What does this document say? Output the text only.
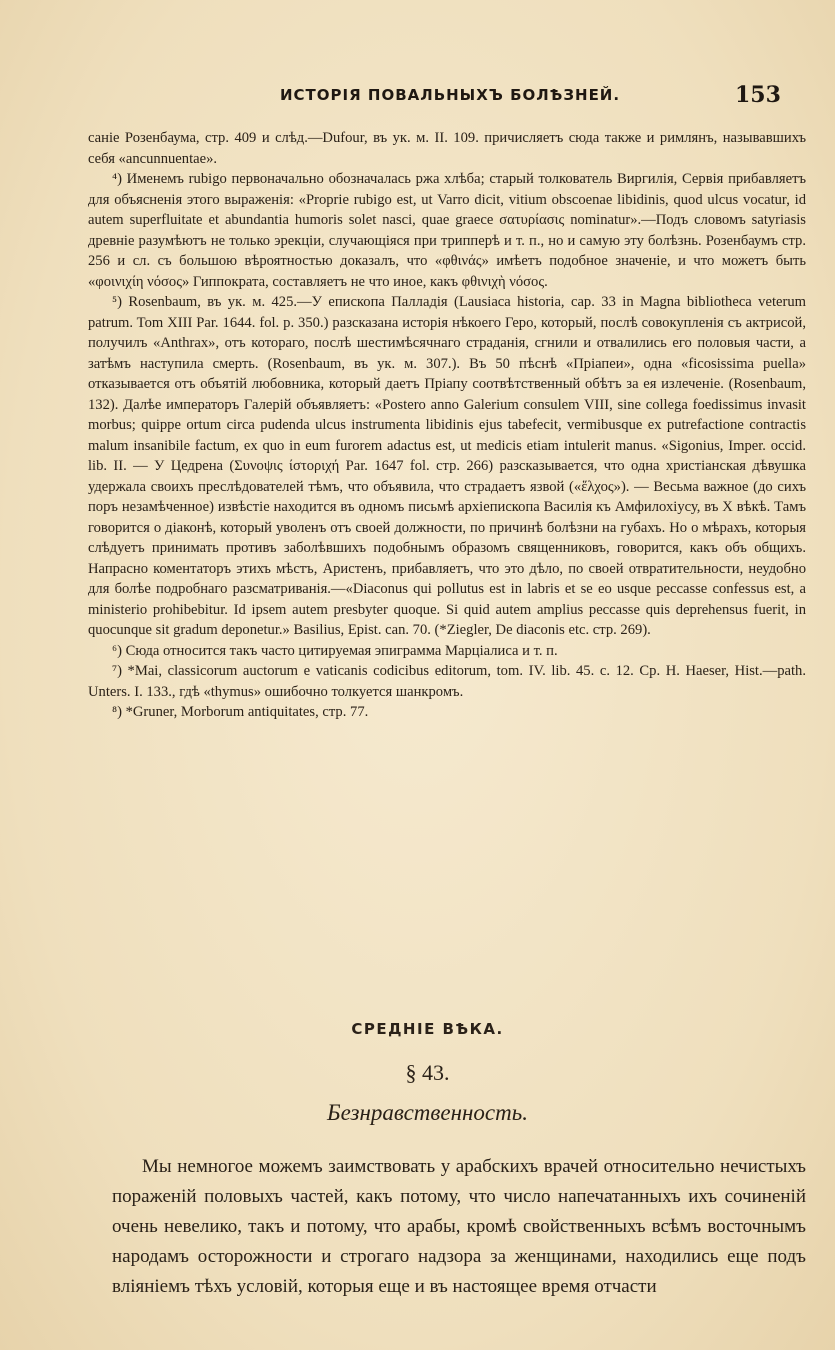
ИСТОРІЯ ПОВАЛЬНЫХЪ БОЛѢЗНЕЙ.	153

саніе Розенбаума, стр. 409 и слѣд.—Dufour, въ ук. м. II. 109. причисляетъ сюда также и римлянъ, называвшихъ себя «ancunnuentae».

⁴) Именемъ rubigo первоначально обозначалась ржа хлѣба; старый толкователь Виргилія, Сервія прибавляетъ для объясненія этого выраженія: «Proprie rubigo est, ut Varro dicit, vitium obscoenae libidinis, quod ulcus vocatur, id autem superfluitate et abundantia humoris solet nasci, quae graece σατυρίασις nominatur».—Подъ словомъ satyriasis древніе разумѣютъ не только эрекціи, случающіяся при трипперѣ и т. п., но и самую эту болѣзнь. Розенбаумъ стр. 256 и сл. съ большою вѣроятностью доказалъ, что «φθινάς» имѣетъ подобное значеніе, и что можетъ быть «φοινιχίη νόσος» Гиппократа, составляетъ не что иное, какъ φθινιχὴ νόσος.

⁵) Rosenbaum, въ ук. м. 425.—У епископа Палладія (Lausiaca historia, cap. 33 in Magna bibliotheca veterum patrum. Tom XIII Par. 1644. fol. p. 350.) разсказана исторія нѣкоего Геро, который, послѣ совокупленія съ актрисой, получилъ «Anthrax», отъ котораго, послѣ шестимѣсячнаго страданія, сгнили и отвалились его половыя части, а затѣмъ наступила смерть. (Rosenbaum, въ ук. м. 307.). Въ 50 пѣснѣ «Пріапеи», одна «ficosissima puella» отказывается отъ объятій любовника, который даетъ Пріапу соотвѣтственный обѣтъ за ея излеченіе. (Rosenbaum, 132). Далѣе императоръ Галерій объявляетъ: «Postero anno Galerium consulem VIII, sine collega foedissimus invasit morbus; quippe ortum circa pudenda ulcus instrumenta libidinis ejus tabefecit, vermibusque ex putrefactione contractis malum insanibile factum, ex quo in eum furorem adactus est, ut medicis etiam intulerit manus. «Sigonius, Imper. occid. lib. II. — У Цедрена (Συνοψις ίστοριχή Par. 1647 fol. стр. 266) разсказывается, что одна христіанская дѣвушка удержала своихъ преслѣдователей тѣмъ, что объявила, что страдаетъ язвой («ἕλχος»). — Весьма важное (до сихъ поръ незамѣченное) извѣстіе находится въ одномъ письмѣ архіепископа Василія къ Амфилохіусу, въ X вѣкѣ. Тамъ говорится о діаконѣ, который уволенъ отъ своей должности, по причинѣ болѣзни на губахъ. Но о мѣрахъ, которыя слѣдуетъ принимать противъ заболѣвшихъ подобнымъ образомъ священниковъ, говорится, какъ объ общихъ. Напрасно коментаторъ этихъ мѣстъ, Аристенъ, прибавляетъ, что это дѣло, по своей отвратительности, неудобно для болѣе подробнаго разсматриванія.—«Diaconus qui pollutus est in labris et se eo usque peccasse confessus est, a ministerio prohibebitur. Id ipsem autem presbyter quoque. Si quid autem amplius peccasse quis deprehensus fuerit, in quocunque sit gradum deponetur.» Basilius, Epist. can. 70. (*Ziegler, De diaconis etc. стр. 269).

⁶) Сюда относится такъ часто цитируемая эпиграмма Марціалиса и т. п.

⁷) *Mai, classicorum auctorum e vaticanis codicibus editorum, tom. IV. lib. 45. c. 12. Ср. H. Haeser, Hist.—path. Unters. I. 133., гдѣ «thymus» ошибочно толкуется шанкромъ.

⁸) *Gruner, Morborum antiquitates, стр. 77.

СРЕДНІЕ ВѢКА.
§ 43.
Безнравственность.

Мы немногое можемъ заимствовать у арабскихъ врачей относительно нечистыхъ пораженій половыхъ частей, какъ потому, что число напечатанныхъ ихъ сочиненій очень невелико, такъ и потому, что арабы, кромѣ свойственныхъ всѣмъ восточнымъ народамъ осторожности и строгаго надзора за женщинами, находились еще подъ вліяніемъ тѣхъ условій, которыя еще и въ настоящее время отчасти
